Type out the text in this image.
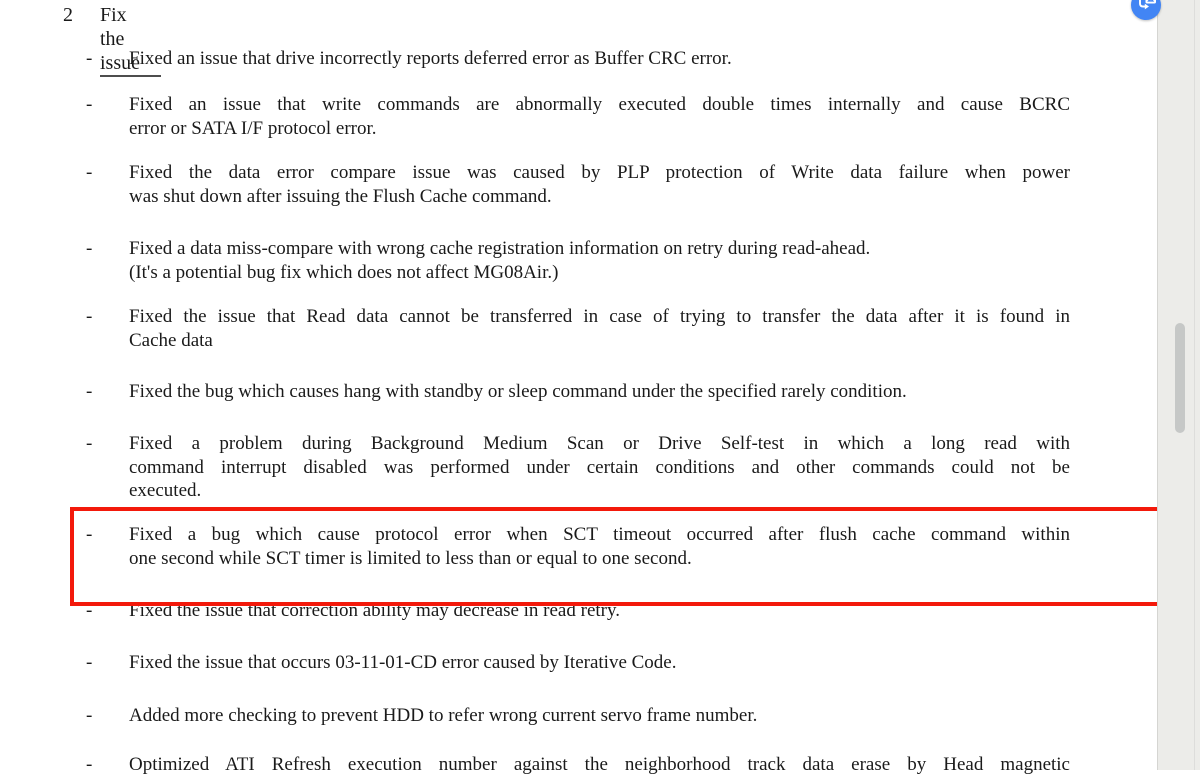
2 Fix the issue
- Fixed an issue that drive incorrectly reports deferred error as Buffer CRC error.
- Fixed an issue that write commands are abnormally executed double times internally and cause BCRC
error or SATA I/F protocol error.
- Fixed the data error compare issue was caused by PLP protection of Write data failure when power
was shut down after issuing the Flush Cache command.
- Fixed a data miss-compare with wrong cache registration information on retry during read-ahead.
(It's a potential bug fix which does not affect MG08Air.)
- Fixed the issue that Read data cannot be transferred in case of trying to transfer the data after it is found in
Cache data
- Fixed the bug which causes hang with standby or sleep command under the specified rarely condition.
- Fixed a problem during Background Medium Scan or Drive Self-test in which a long read with
command interrupt disabled was performed under certain conditions and other commands could not be
executed.
- Fixed a bug which cause protocol error when SCT timeout occurred after flush cache command within
one second while SCT timer is limited to less than or equal to one second.
- Fixed the issue that correction ability may decrease in read retry.
- Fixed the issue that occurs 03-11-01-CD error caused by Iterative Code.
- Added more checking to prevent HDD to refer wrong current servo frame number.
- Optimized ATI Refresh execution number against the neighborhood track data erase by Head magnetic
